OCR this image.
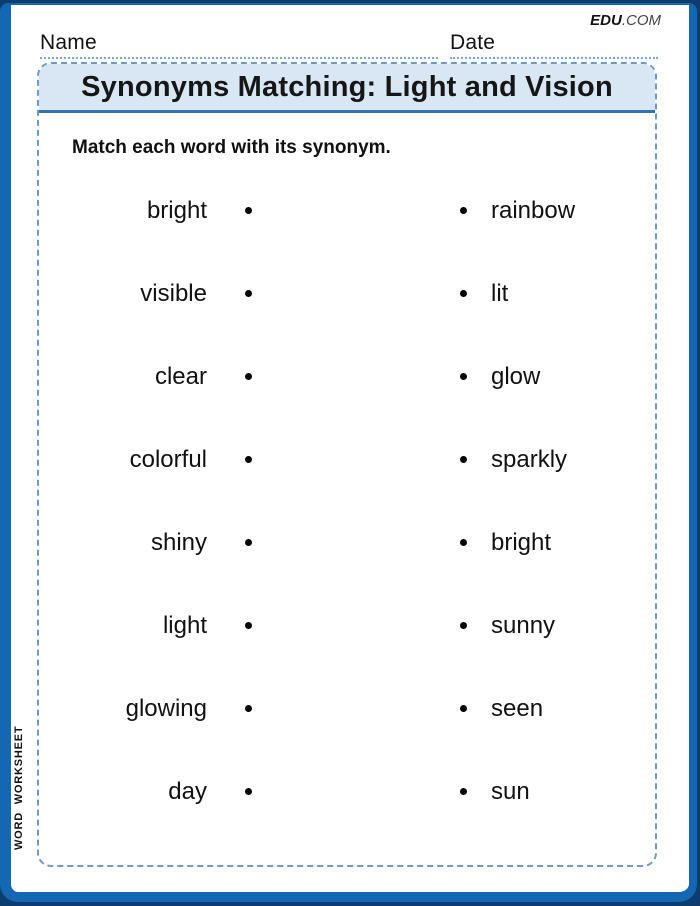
EDU.COM
Name	Date
Synonyms Matching: Light and Vision
Match each word with its synonym.
bright	rainbow
visible	lit
clear	glow
colorful	sparkly
shiny	bright
light	sunny
glowing	seen
day	sun
WORD  WORKSHEET
